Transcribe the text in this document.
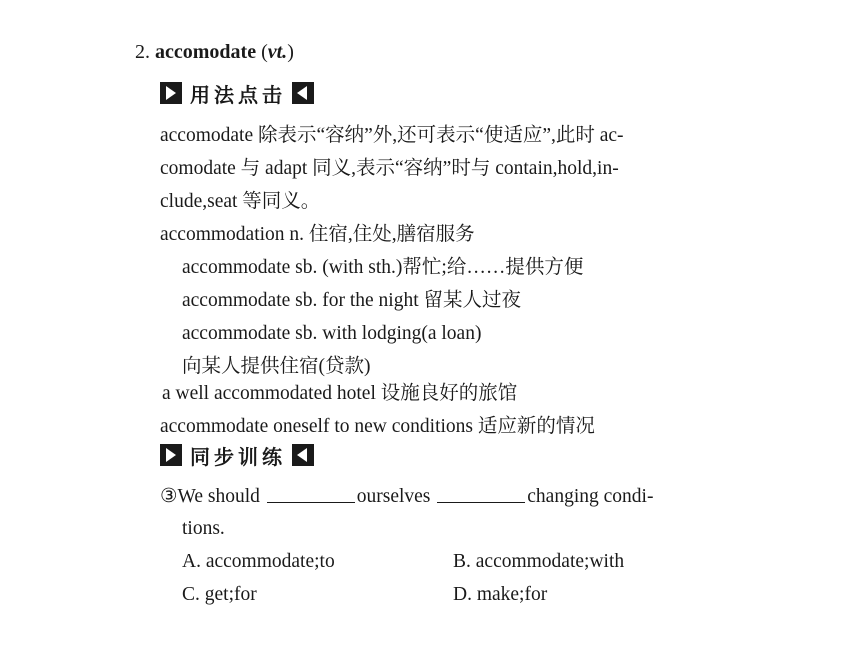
2. accomodate (vt.)
用法点击
accomodate 除表示“容纳”外,还可表示“使适应”,此时 ac-
comodate 与 adapt 同义,表示“容纳”时与 contain,hold,in-
clude,seat 等同义。
accommodation n. 住宿,住处,膳宿服务
accommodate sb. (with sth.)帮忙;给……提供方便
accommodate sb. for the night 留某人过夜
accommodate sb. with lodging(a loan)
向某人提供住宿(贷款)
a well accommodated hotel 设施良好的旅馆
accommodate oneself to new conditions 适应新的情况
同步训练
③We should	ourselves	changing condi-
tions.
A. accommodate;to	B. accommodate;with
C. get;for	D. make;for
